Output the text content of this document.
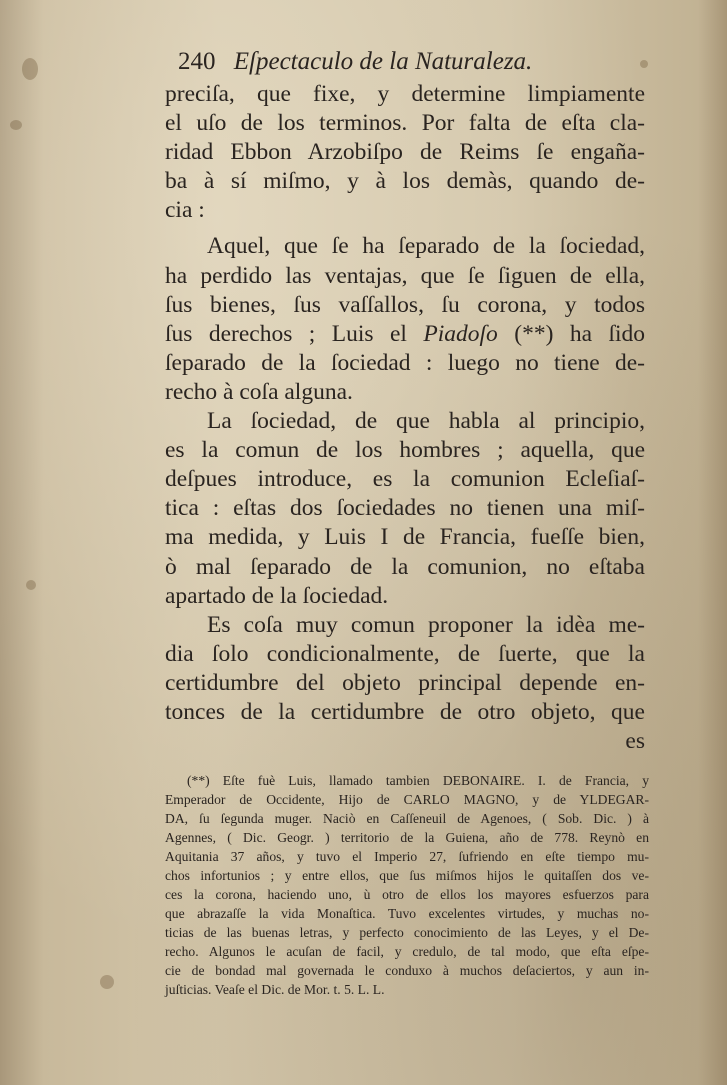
240 Eſpectaculo de la Naturaleza.
preciſa, que fixe, y determine limpiamente
el uſo de los terminos. Por falta de eſta cla-
ridad Ebbon Arzobiſpo de Reims ſe engaña-
ba à sí miſmo, y à los demàs, quando de-
cia :
Aquel, que ſe ha ſeparado de la ſociedad,
ha perdido las ventajas, que ſe ſiguen de ella,
ſus bienes, ſus vaſſallos, ſu corona, y todos
ſus derechos ; Luis el Piadoſo (**) ha ſido
ſeparado de la ſociedad : luego no tiene de-
recho à coſa alguna.
La ſociedad, de que habla al principio,
es la comun de los hombres ; aquella, que
deſpues introduce, es la comunion Ecleſiaſ-
tica : eſtas dos ſociedades no tienen una miſ-
ma medida, y Luis I de Francia, fueſſe bien,
ò mal ſeparado de la comunion, no eſtaba
apartado de la ſociedad.
Es coſa muy comun proponer la idèa me-
dia ſolo condicionalmente, de ſuerte, que la
certidumbre del objeto principal depende en-
tonces de la certidumbre de otro objeto, que
es
(**) Eſte fuè Luis, llamado tambien DEBONAIRE. I. de Francia, y
Emperador de Occidente, Hijo de CARLO MAGNO, y de YLDEGAR-
DA, ſu ſegunda muger. Naciò en Caſſeneuil de Agenoes, ( Sob. Dic. ) à
Agennes, ( Dic. Geogr. ) territorio de la Guiena, año de 778. Reynò en
Aquitania 37 años, y tuvo el Imperio 27, ſufriendo en eſte tiempo mu-
chos infortunios ; y entre ellos, que ſus miſmos hijos le quitaſſen dos ve-
ces la corona, haciendo uno, ù otro de ellos los mayores esfuerzos para
que abrazaſſe la vida Monaſtica. Tuvo excelentes virtudes, y muchas no-
ticias de las buenas letras, y perfecto conocimiento de las Leyes, y el De-
recho. Algunos le acuſan de facil, y credulo, de tal modo, que eſta eſpe-
cie de bondad mal governada le conduxo à muchos deſaciertos, y aun in-
juſticias. Veaſe el Dic. de Mor. t. 5. L. L.
